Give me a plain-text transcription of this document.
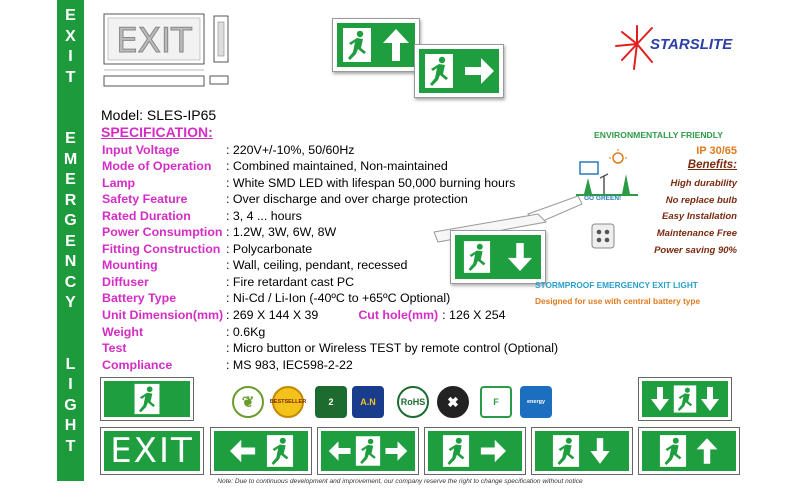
E
X
I
T
E
M
E
R
G
E
N
C
Y
L
I
G
H
T
EXIT	STARSLITE
Model: SLES-IP65
SPECIFICATION:
Input Voltage	: 220V+/-10%, 50/60Hz
Mode of Operation : Combined maintained, Non-maintained
Lamp	: White SMD LED with lifespan 50,000 burning hours
Safety Feature	: Over discharge and over charge protection
Rated Duration	: 3, 4 ... hours
Power Consumption : 1.2W, 3W, 6W, 8W
Fitting Construction : Polycarbonate
Mounting	: Wall, ceiling, pendant, recessed
Diffuser	: Fire retardant cast PC
Battery Type	: Ni-Cd / Li-Ion (-40ºC to +65ºC Optional)
Unit Dimension(mm) : 269 X 144 X 39	Cut hole(mm) : 126 X 254
Weight	: 0.6Kg
Test	: Micro button or Wireless TEST by remote control (Optional)
Compliance	: MS 983, IEC598-2-22
ENVIRONMENTALLY FRIENDLY
GO GREEN!
IP 30/65
Benefits:
High durability
No replace bulb
Easy Installation
Maintenance Free
Power saving 90%
STORMPROOF EMERGENCY EXIT LIGHT
Designed for use with central battery type
❦	BESTSELLER 2	A.N	RoHS ✖	F	energy
EXIT
Note: Due to continuous development and improvement, our company reserve the right to change specification without notice
